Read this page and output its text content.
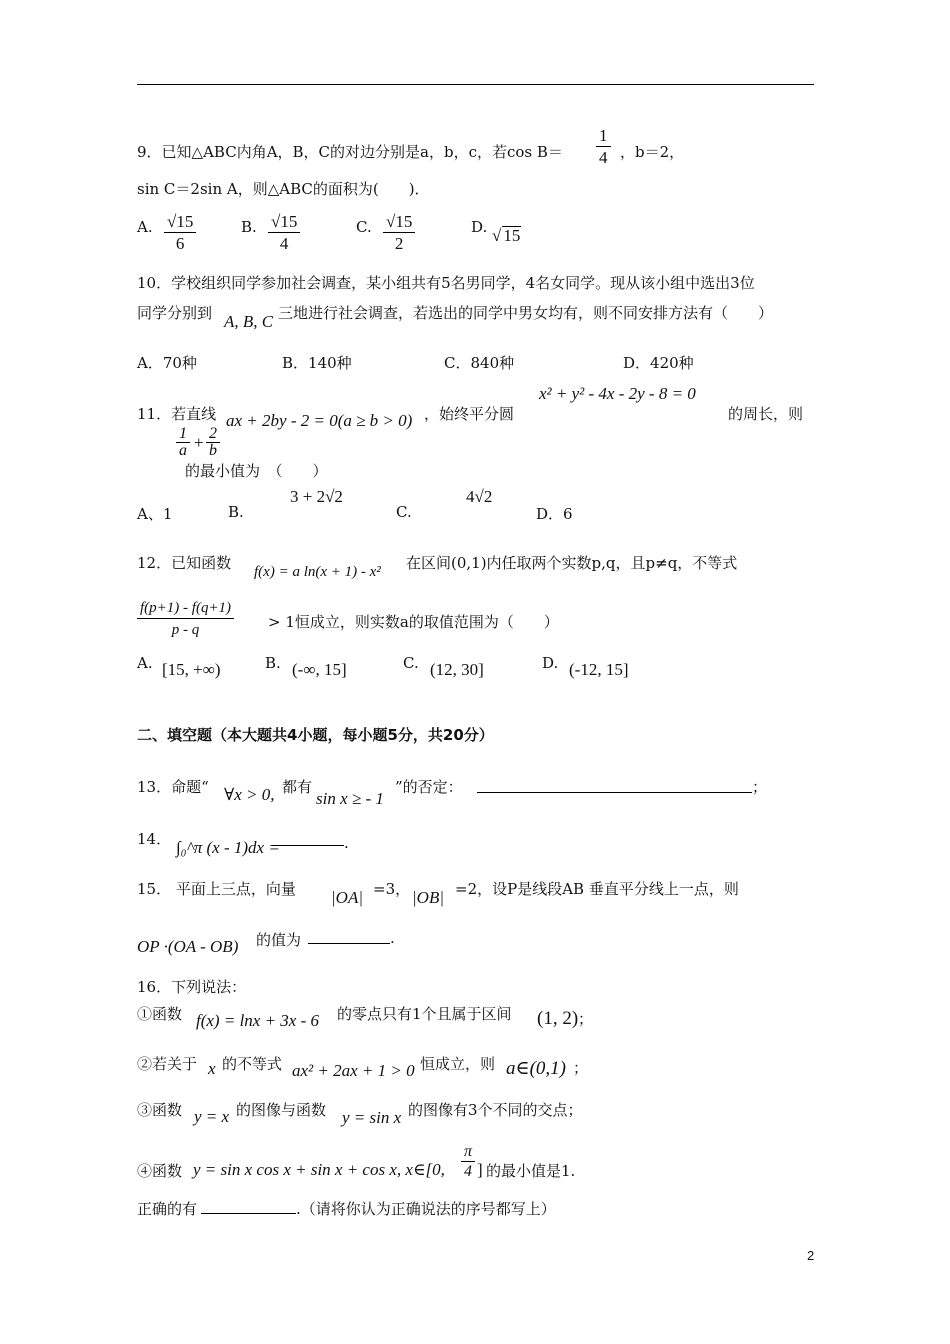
9．已知△ABC内角A，B，C的对边分别是a，b，c，若$\cos B= \frac{1}{4}$ ，b＝2，
sin C＝2sin A，则△ABC的面积为(　　)．
A. $\frac{√15}{6}$	B. $\frac{√15}{4}$	C. $\frac{√15}{2}$	D. √ 15
10．学校组织同学参加社会调查，某小组共有5名男同学，4名女同学。现从该小组中选出3位
同学分别到 A, B, C 三地进行社会调查，若选出的同学中男女均有，则不同安排方法有（　　）
A．70种	B．140种	C．840种	D．420种
x² + y² - 4x - 2y - 8 = 0
11．若直线 ax + 2by - 2 = 0(a ≥ b > 0) ，始终平分圆	的周长，则
$\frac{1}{a} + \frac{2}{b}$
的最小值为　（　　）
A、1	B.
3 + 2√2
C.
4√2
D．6
12．已知函数 f(x) = a ln(x + 1) - x² 在区间(0,1)内任取两个实数p,q，且p≠q，不等式
$\frac{f(p+1) - f(q+1)}{p - q} > 1$恒成立，则实数a的取值范围为（　　）
A. [15, +∞)	B. (-∞, 15]	C. (12, 30]	D. (-12, 15]
二、填空题（本大题共4小题，每小题5分，共20分）
13．命题“ ∀x > 0, 都有
sin x ≥ - 1
”的否定：	；
14． ∫₀^π (x - 1)dx =	.
15． 平面上三点，向量 |OA| =3， |OB| =2，设P是线段AB 垂直平分线上一点，则
OP ·(OA - OB) 的值为	.
16．下列说法：
①函数 f(x) = lnx + 3x - 6 的零点只有1个且属于区间 (1, 2) ；
②若关于 x 的不等式 ax² + 2ax + 1 > 0 恒成立，则 a∈(0,1) ；
③函数 y = x 的图像与函数 y = sin x 的图像有3个不同的交点；
④函数 y = sin x cos x + sin x + cos x, x∈[0, $\frac{\pi}{4}$ ] 的最小值是1.
正确的有	.（请将你认为正确说法的序号都写上）
2
